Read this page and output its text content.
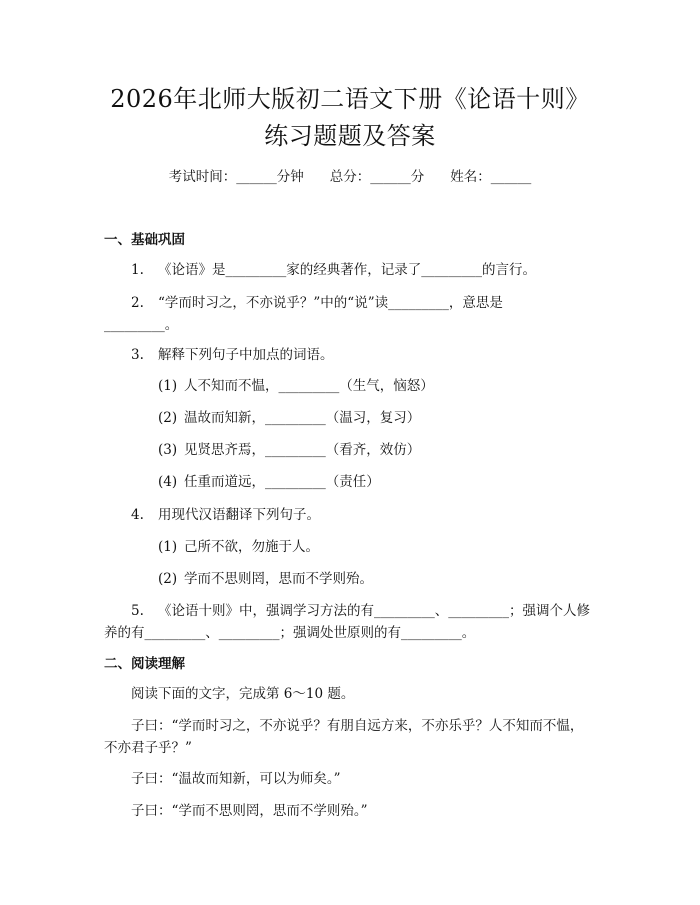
2026年北师大版初二语文下册《论语十则》
练习题题及答案
考试时间：______分钟 总分：______分 姓名：______
一、基础巩固
1. 《论语》是_________家的经典著作，记录了_________的言行。
2. “学而时习之，不亦说乎？”中的“说”读_________，意思是
_________。
3. 解释下列句子中加点的词语。
(1) 人不知而不愠，_________（生气，恼怒）
(2) 温故而知新，_________（温习，复习）
(3) 见贤思齐焉，_________（看齐，效仿）
(4) 任重而道远，_________（责任）
4. 用现代汉语翻译下列句子。
(1) 己所不欲，勿施于人。
(2) 学而不思则罔，思而不学则殆。
5. 《论语十则》中，强调学习方法的有_________、_________；强调个人修
养的有_________、_________；强调处世原则的有_________。
二、阅读理解
阅读下面的文字，完成第 6～10 题。
子曰：“学而时习之，不亦说乎？有朋自远方来，不亦乐乎？人不知而不愠，
不亦君子乎？”
子曰：“温故而知新，可以为师矣。”
子曰：“学而不思则罔，思而不学则殆。”
